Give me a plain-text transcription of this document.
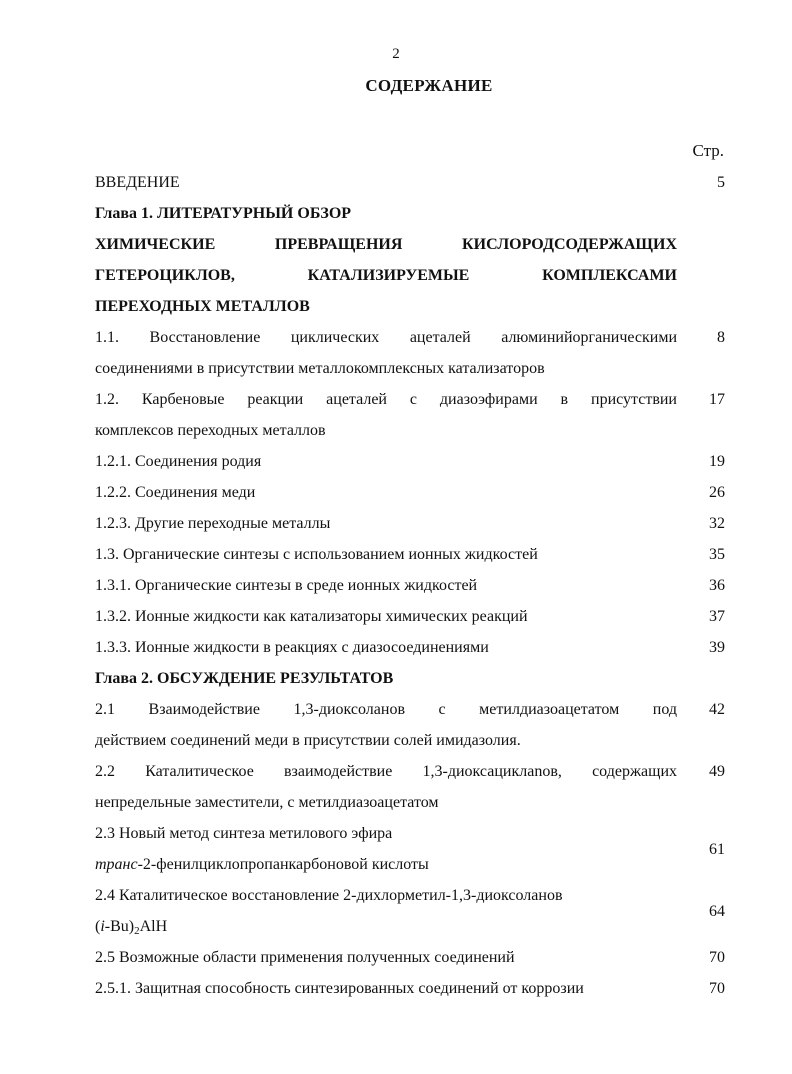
2
СОДЕРЖАНИЕ
Стр.
ВВЕДЕНИЕ	5
Глава 1. ЛИТЕРАТУРНЫЙ ОБЗОР
ХИМИЧЕСКИЕ ПРЕВРАЩЕНИЯ КИСЛОРОДСОДЕРЖАЩИХ
ГЕТЕРОЦИКЛОВ, КАТАЛИЗИРУЕМЫЕ КОМПЛЕКСАМИ
ПЕРЕХОДНЫХ МЕТАЛЛОВ
1.1. Восстановление циклических ацеталей алюминийорганическими
соединениями в присутствии металлокомплексных катализаторов
8
1.2. Карбеновые реакции ацеталей с диазоэфирами в присутствии
комплексов переходных металлов
17
1.2.1. Соединения родия	19
1.2.2. Соединения меди	26
1.2.3. Другие переходные металлы	32
1.3. Органические синтезы с использованием ионных жидкостей	35
1.3.1. Органические синтезы в среде ионных жидкостей	36
1.3.2. Ионные жидкости как катализаторы химических реакций	37
1.3.3. Ионные жидкости в реакциях с диазосоединениями	39
Глава 2. ОБСУЖДЕНИЕ РЕЗУЛЬТАТОВ
2.1 Взаимодействие 1,3-диоксоланов с метилдиазоацетатом под
действием соединений меди в присутствии солей имидазолия.
42
2.2 Каталитическое взаимодействие 1,3-диоксациклanов, содержащих
непредельные заместители, с метилдиазоацетатом
49
2.3 Новый метод синтеза метилового эфира
транс-2-фенилциклопропанкарбоновой кислоты
61
2.4 Каталитическое восстановление 2-дихлорметил-1,3-диоксоланов
$(i-Bu)_2AlH$
64
2.5 Возможные области применения полученных соединений	70
2.5.1. Защитная способность синтезированных соединений от коррозии	70
